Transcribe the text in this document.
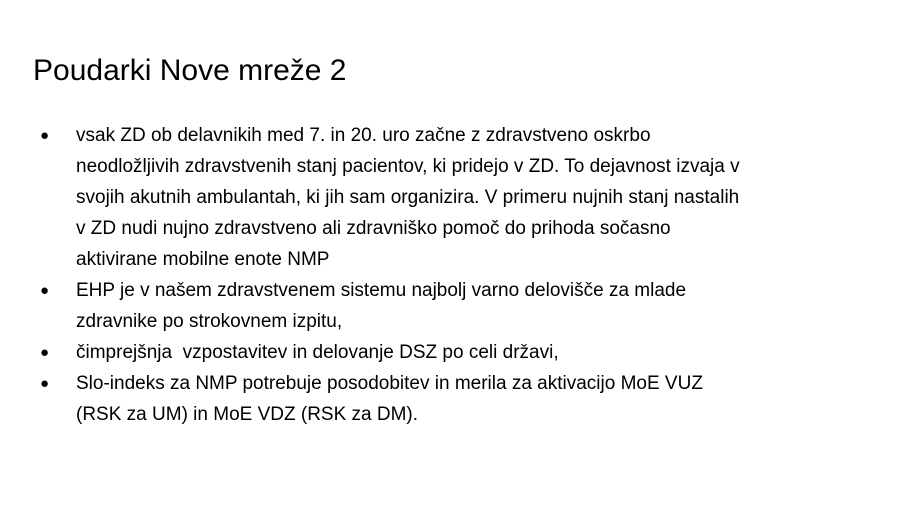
Poudarki Nove mreže 2
●	vsak ZD ob delavnikih med 7. in 20. uro začne z zdravstveno oskrbo
neodložljivih zdravstvenih stanj pacientov, ki pridejo v ZD. To dejavnost izvaja v
svojih akutnih ambulantah, ki jih sam organizira. V primeru nujnih stanj nastalih
v ZD nudi nujno zdravstveno ali zdravniško pomoč do prihoda sočasno
aktivirane mobilne enote NMP
●	EHP je v našem zdravstvenem sistemu najbolj varno delovišče za mlade
zdravnike po strokovnem izpitu,
●	čimprejšnja  vzpostavitev in delovanje DSZ po celi državi,
●	Slo-indeks za NMP potrebuje posodobitev in merila za aktivacijo MoE VUZ
(RSK za UM) in MoE VDZ (RSK za DM).
